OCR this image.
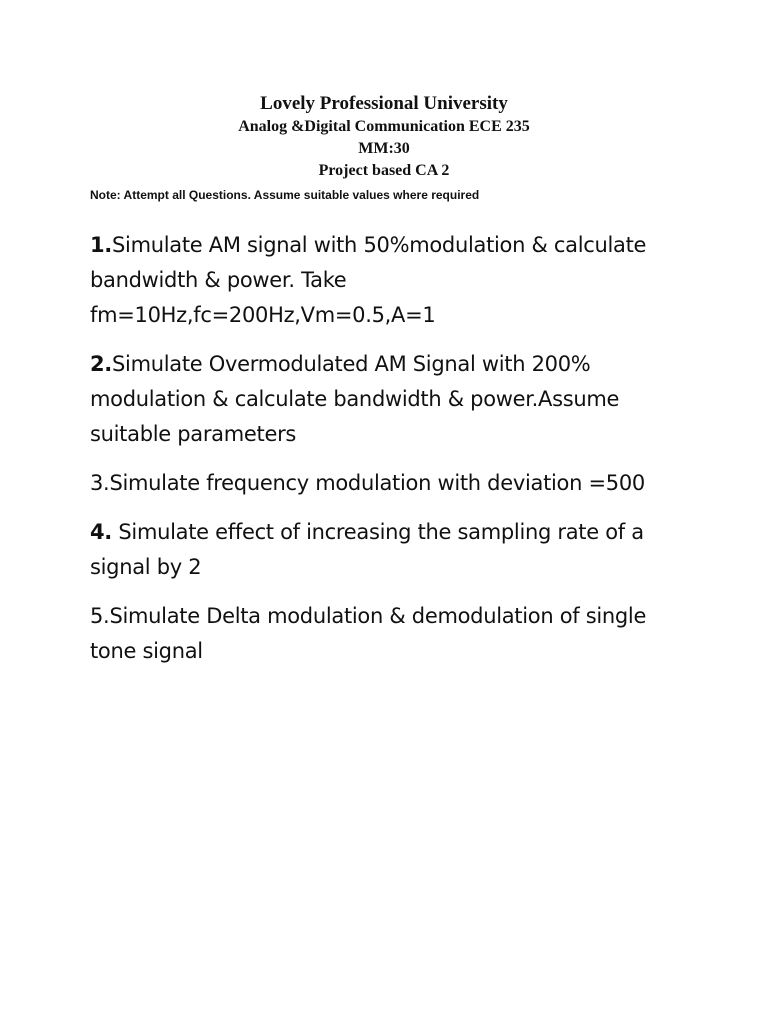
Lovely Professional University
Analog &Digital Communication ECE 235
MM:30
Project based CA 2
Note: Attempt all Questions. Assume suitable values where required
1.Simulate AM signal with 50%modulation & calculate
bandwidth & power. Take
fm=10Hz,fc=200Hz,Vm=0.5,A=1
2.Simulate Overmodulated AM Signal with 200%
modulation & calculate bandwidth & power.Assume
suitable parameters
3.Simulate frequency modulation with deviation =500
4. Simulate effect of increasing the sampling rate of a
signal by 2
5.Simulate Delta modulation & demodulation of single
tone signal
